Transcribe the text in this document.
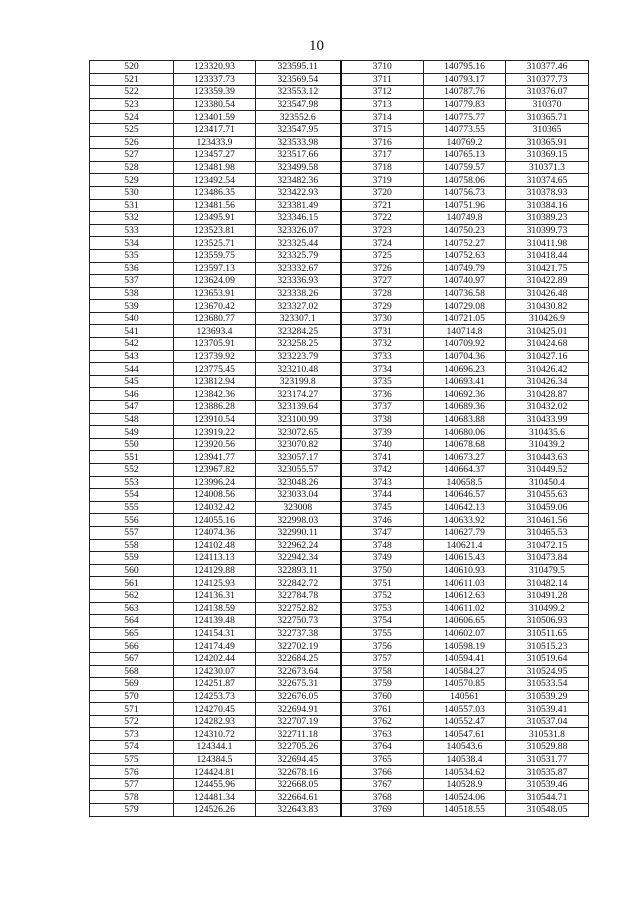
10
520	123320.93	323595.11	3710	140795.16	310377.46
521	123337.73	323569.54	3711	140793.17	310377.73
522	123359.39	323553.12	3712	140787.76	310376.07
523	123380.54	323547.98	3713	140779.83	310370
524	123401.59	323552.6	3714	140775.77	310365.71
525	123417.71	323547.95	3715	140773.55	310365
526	123433.9	323533.98	3716	140769.2	310365.91
527	123457.27	323517.66	3717	140765.13	310369.15
528	123481.98	323499.58	3718	140759.57	310371.3
529	123492.54	323482.36	3719	140758.06	310374.65
530	123486.35	323422.93	3720	140756.73	310378.93
531	123481.56	323381.49	3721	140751.96	310384.16
532	123495.91	323346.15	3722	140749.8	310389.23
533	123523.81	323326.07	3723	140750.23	310399.73
534	123525.71	323325.44	3724	140752.27	310411.98
535	123559.75	323325.79	3725	140752.63	310418.44
536	123597.13	323332.67	3726	140749.79	310421.75
537	123624.09	323336.93	3727	140740.97	310422.89
538	123653.91	323338.26	3728	140736.58	310426.48
539	123670.42	323327.02	3729	140729.08	310430.82
540	123680.77	323307.1	3730	140721.05	310426.9
541	123693.4	323284.25	3731	140714.8	310425.01
542	123705.91	323258.25	3732	140709.92	310424.68
543	123739.92	323223.79	3733	140704.36	310427.16
544	123775.45	323210.48	3734	140696.23	310426.42
545	123812.94	323199.8	3735	140693.41	310426.34
546	123842.36	323174.27	3736	140692.36	310428.87
547	123886.28	323139.64	3737	140689.36	310432.02
548	123910.54	323100.99	3738	140683.88	310433.99
549	123919.22	323072.65	3739	140680.06	310435.6
550	123920.56	323070.82	3740	140678.68	310439.2
551	123941.77	323057.17	3741	140673.27	310443.63
552	123967.82	323055.57	3742	140664.37	310449.52
553	123996.24	323048.26	3743	140658.5	310450.4
554	124008.56	323033.04	3744	140646.57	310455.63
555	124032.42	323008	3745	140642.13	310459.06
556	124055.16	322998.03	3746	140633.92	310461.56
557	124074.36	322990.11	3747	140627.79	310465.53
558	124102.48	322962.24	3748	140621.4	310472.15
559	124113.13	322942.34	3749	140615.43	310473.84
560	124129.88	322893.11	3750	140610.93	310479.5
561	124125.93	322842.72	3751	140611.03	310482.14
562	124136.31	322784.78	3752	140612.63	310491.28
563	124138.59	322752.82	3753	140611.02	310499.2
564	124139.48	322750.73	3754	140606.65	310506.93
565	124154.31	322737.38	3755	140602.07	310511.65
566	124174.49	322702.19	3756	140598.19	310515.23
567	124202.44	322684.25	3757	140594.41	310519.64
568	124230.07	322673.64	3758	140584.27	310524.95
569	124251.87	322675.31	3759	140570.85	310533.54
570	124253.73	322676.05	3760	140561	310539.29
571	124270.45	322694.91	3761	140557.03	310539.41
572	124282.93	322707.19	3762	140552.47	310537.04
573	124310.72	322711.18	3763	140547.61	310531.8
574	124344.1	322705.26	3764	140543.6	310529.88
575	124384.5	322694.45	3765	140538.4	310531.77
576	124424.81	322678.16	3766	140534.62	310535.87
577	124455.96	322668.05	3767	140528.9	310539.46
578	124481.34	322664.61	3768	140524.06	310544.71
579	124526.26	322643.83	3769	140518.55	310548.05
